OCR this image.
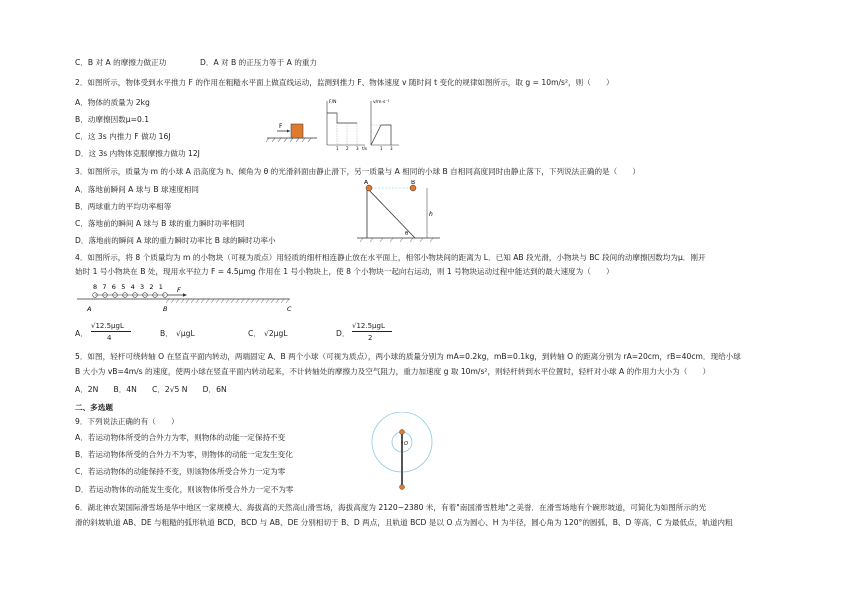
C．B 对 A 的摩擦力做正功	D．A 对 B 的正压力等于 A 的重力
2．如图所示，物体受到水平推力 F 的作用在粗糙水平面上做直线运动，监测到推力 F、物体速度 v 随时间 t 变化的规律如图所示，取 g = 10m/s²，则（　　）
A．物体的质量为 2kg
B．动摩擦因数μ=0.1
C．这 3s 内推力 F 做功 16J
D．这 3s 内物体克服摩擦力做功 12J
3．如图所示，质量为 m 的小球 A 沿高度为 h、倾角为 θ 的光滑斜面由静止滑下，另一质量与 A 相同的小球 B 自相同高度同时由静止落下，下列说法正确的是（　　）
A．落地前瞬间 A 球与 B 球速度相同
B．两球重力的平均功率相等
C．落地前的瞬间 A 球与 B 球的重力瞬时功率相同
D．落地前的瞬间 A 球的重力瞬时功率比 B 球的瞬时功率小
4．如图所示，将 8 个质量均为 m 的小物块（可视为质点）用轻质的细杆相连静止放在水平面上，相邻小物块间的距离为 L．已知 AB 段光滑，小物块与 BC 段间的动摩擦因数均为μ．刚开
始时 1 号小物块在 B 处，现用水平拉力 F = 4.5μmg 作用在 1 号小物块上，使 8 个小物块一起向右运动，则 1 号物块运动过程中能达到的最大速度为（　　）
A．
√12.5μgL
4	B． √μgL	C． √2μgL	D．
√12.5μgL
2
5．如图，轻杆可绕转轴 O 在竖直平面内转动，两端固定 A、B 两个小球（可视为质点），两小球的质量分别为 mA=0.2kg，mB=0.1kg，到转轴 O 的距离分别为 rA=20cm，rB=40cm．现给小球
B 大小为 vB=4m/s 的速度，使两小球在竖直平面内转动起来，不计转轴处的摩擦力及空气阻力，重力加速度 g 取 10m/s²，则轻杆转到水平位置时，轻杆对小球 A 的作用力大小为（　　）
A．2N　　B．4N　　C．2√5 N　　D．6N
二、多选题
9．下列说法正确的有（　　）
A．若运动物体所受的合外力为零，则物体的动能一定保持不变
B．若运动物体所受的合外力不为零，则物体的动能一定发生变化
C．若运动物体的动能保持不变，则该物体所受合外力一定为零
D．若运动物体的动能发生变化，则该物体所受合外力一定不为零
6．湖北神农架国际滑雪场是华中地区一家规模大、海拔高的天然高山滑雪场，海拔高度为 2120~2380 米，有着"南国滑雪胜地"之美誉．在滑雪场地有个碗形坡道，可简化为如图所示的光
滑的斜坡轨道 AB、DE 与粗糙的弧形轨道 BCD，BCD 与 AB、DE 分别相切于 B、D 两点，且轨道 BCD 是以 O 点为圆心、H 为半径，圆心角为 120°的圆弧，B、D 等高，C 为最低点，轨道内粗
F
F/N
t/s
1 2 3
v/m·s⁻¹
1 3
A	B
h
θ
8 7 6 5 4 3 2 1 F
A	B	C
O
